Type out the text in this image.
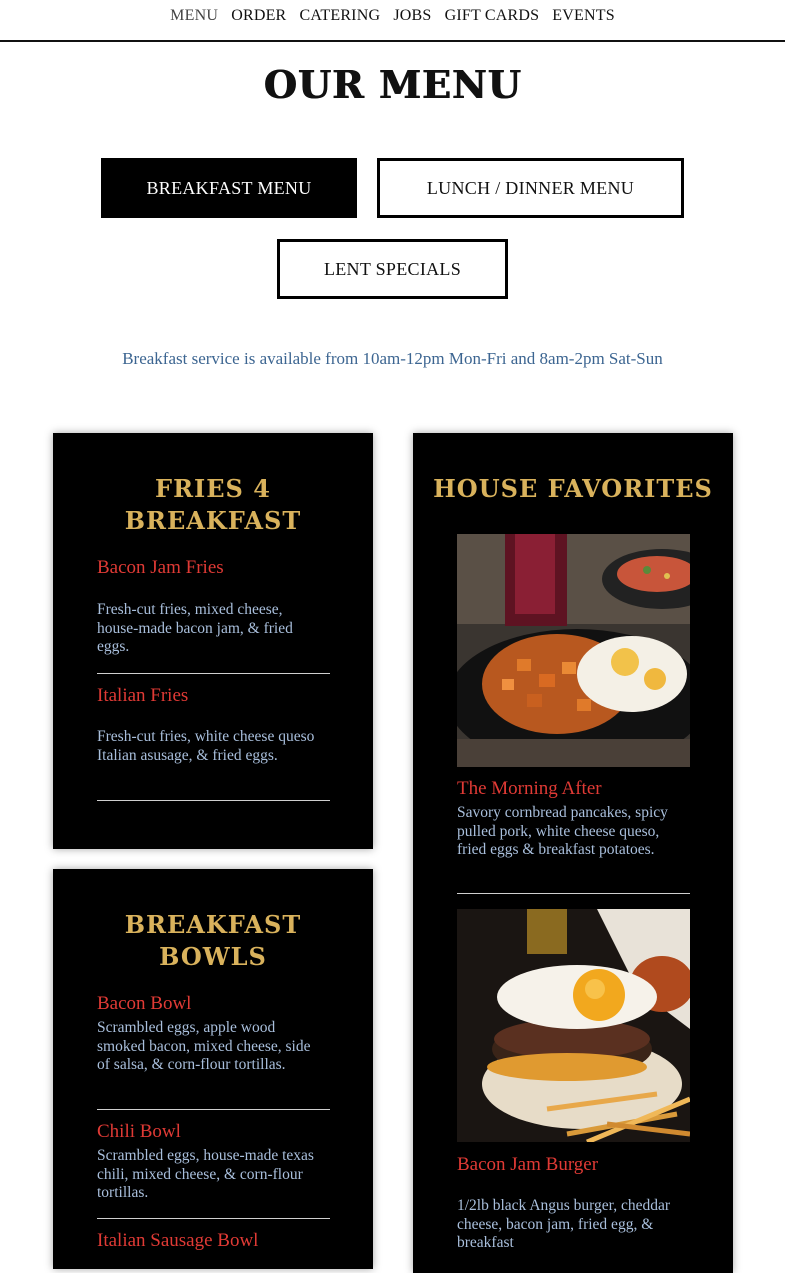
MENU ORDER CATERING JOBS GIFT CARDS EVENTS
OUR MENU
BREAKFAST MENU	LUNCH / DINNER MENU
LENT SPECIALS
Breakfast service is available from 10am-12pm Mon-Fri and 8am-2pm Sat-Sun
FRIES 4 BREAKFAST
Bacon Jam Fries
Fresh-cut fries, mixed cheese, house-made bacon jam, & fried eggs.
Italian Fries
Fresh-cut fries, white cheese queso Italian asusage, & fried eggs.
BREAKFAST BOWLS
Bacon Bowl
Scrambled eggs, apple wood smoked bacon, mixed cheese, side of salsa, & corn-flour tortillas.
Chili Bowl
Scrambled eggs, house-made texas chili, mixed cheese, & corn-flour tortillas.
Italian Sausage Bowl
HOUSE FAVORITES
The Morning After
Savory cornbread pancakes, spicy pulled pork, white cheese queso, fried eggs & breakfast potatoes.
Bacon Jam Burger
1/2lb black Angus burger, cheddar cheese, bacon jam, fried egg, & breakfast
